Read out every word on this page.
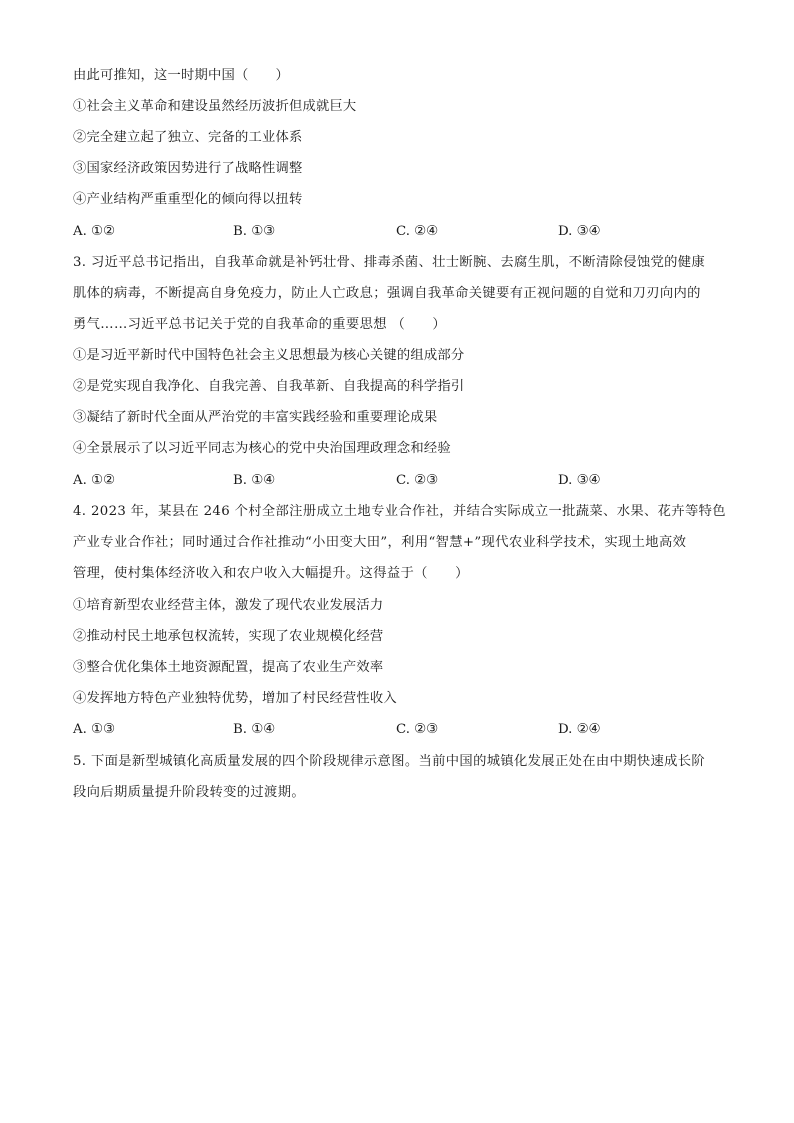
由此可推知，这一时期中国（　　）
①社会主义革命和建设虽然经历波折但成就巨大
②完全建立起了独立、完备的工业体系
③国家经济政策因势进行了战略性调整
④产业结构严重重型化的倾向得以扭转
A. ①②	B. ①③	C. ②④	D. ③④
3. 习近平总书记指出，自我革命就是补钙壮骨、排毒杀菌、壮士断腕、去腐生肌，不断清除侵蚀党的健康
肌体的病毒，不断提高自身免疫力，防止人亡政息；强调自我革命关键要有正视问题的自觉和刀刃向内的
勇气……习近平总书记关于党的自我革命的重要思想 （　　）
①是习近平新时代中国特色社会主义思想最为核心关键的组成部分
②是党实现自我净化、自我完善、自我革新、自我提高的科学指引
③凝结了新时代全面从严治党的丰富实践经验和重要理论成果
④全景展示了以习近平同志为核心的党中央治国理政理念和经验
A. ①②	B. ①④	C. ②③	D. ③④
4. 2023 年，某县在 246 个村全部注册成立土地专业合作社，并结合实际成立一批蔬菜、水果、花卉等特色
产业专业合作社；同时通过合作社推动“小田变大田”，利用“智慧+”现代农业科学技术，实现土地高效
管理，使村集体经济收入和农户收入大幅提升。这得益于（　　）
①培育新型农业经营主体，激发了现代农业发展活力
②推动村民土地承包权流转，实现了农业规模化经营
③整合优化集体土地资源配置，提高了农业生产效率
④发挥地方特色产业独特优势，增加了村民经营性收入
A. ①③	B. ①④	C. ②③	D. ②④
5. 下面是新型城镇化高质量发展的四个阶段规律示意图。当前中国的城镇化发展正处在由中期快速成长阶
段向后期质量提升阶段转变的过渡期。
